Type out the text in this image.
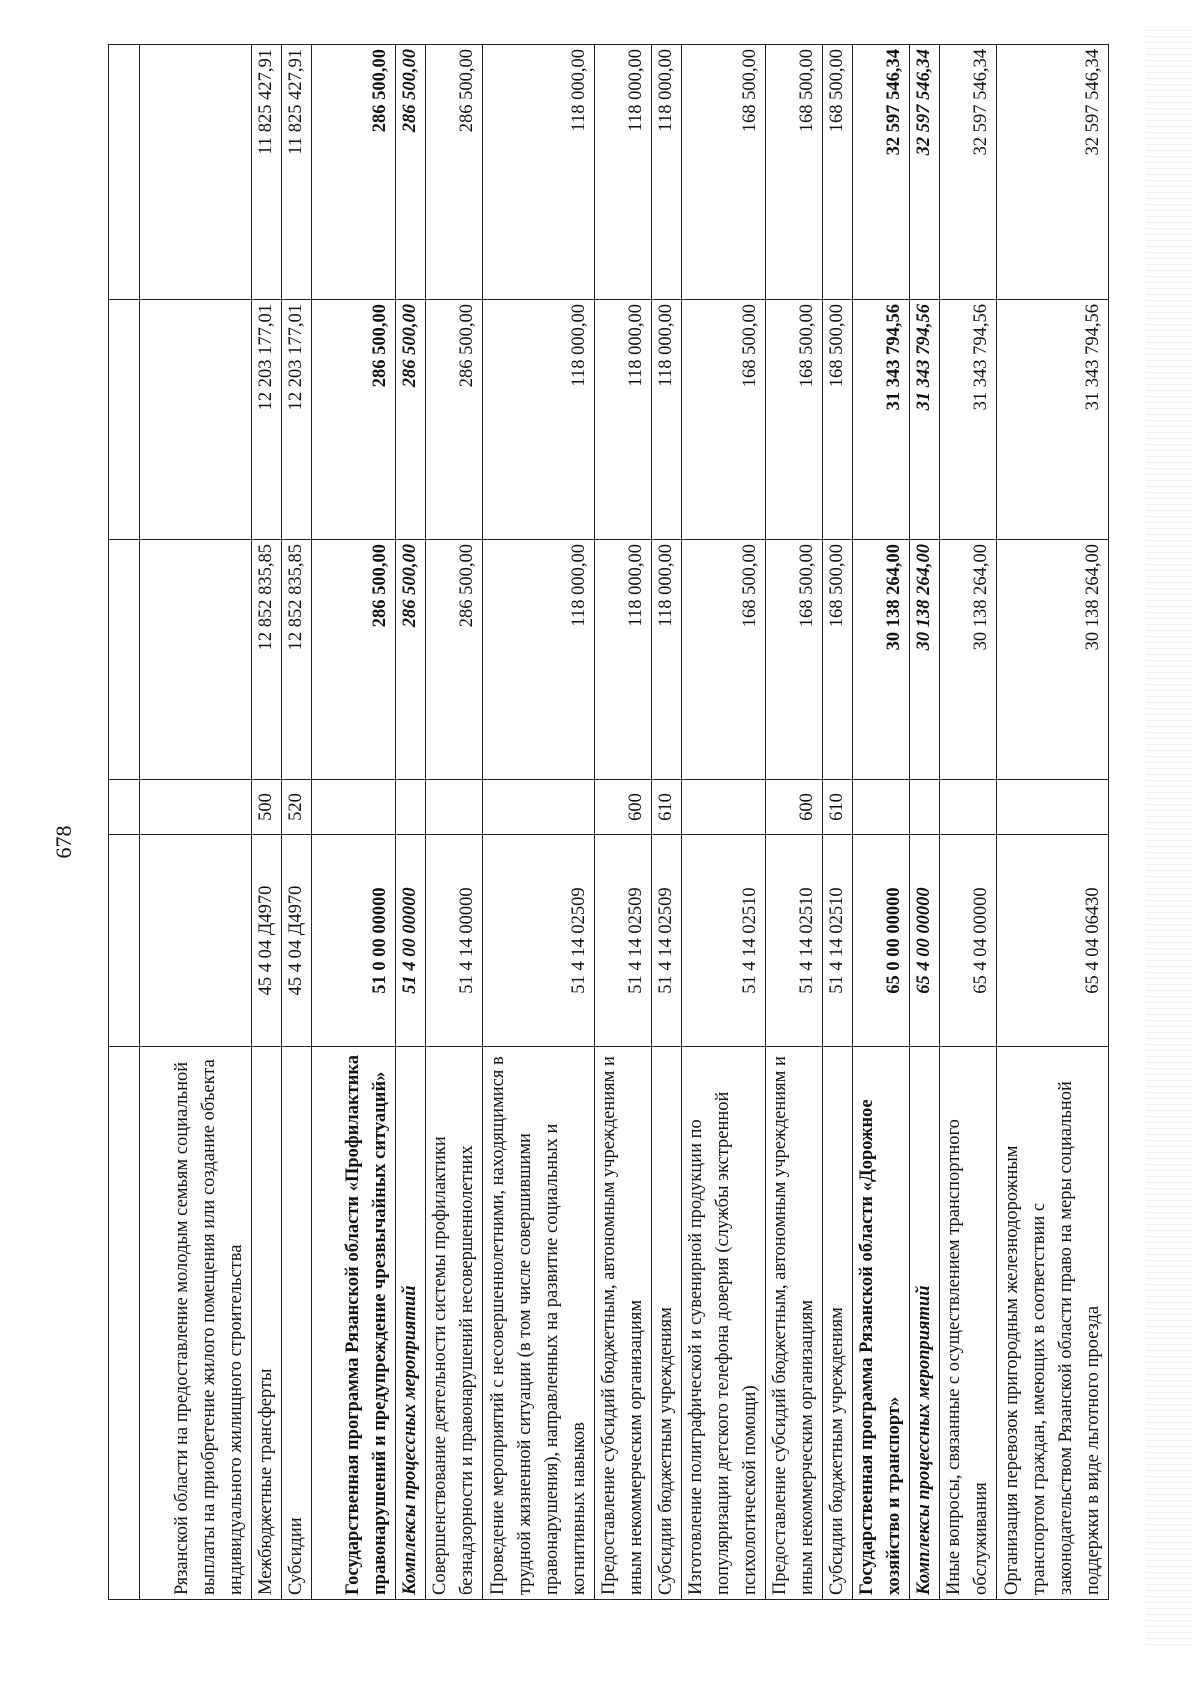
678

Рязанской области на предоставление молодым семьям социальной выплаты на приобретение жилого помещения или создание объекта индивидуального жилищного строительства					
Межбюджетные трансферты	45 4 04 Д4970	500	12 852 835,85	12 203 177,01	11 825 427,91
Субсидии	45 4 04 Д4970	520	12 852 835,85	12 203 177,01	11 825 427,91
Государственная программа Рязанской области «Профилактика правонарушений и предупреждение чрезвычайных ситуаций»	51 0 00 00000		286 500,00	286 500,00	286 500,00
Комплексы процессных мероприятий	51 4 00 00000		286 500,00	286 500,00	286 500,00
Совершенствование деятельности системы профилактики безнадзорности и правонарушений несовершеннолетних	51 4 14 00000		286 500,00	286 500,00	286 500,00
Проведение мероприятий с несовершеннолетними, находящимися в трудной жизненной ситуации (в том числе совершившими правонарушения), направленных на развитие социальных и когнитивных навыков	51 4 14 02509		118 000,00	118 000,00	118 000,00
Предоставление субсидий бюджетным, автономным учреждениям и иным некоммерческим организациям	51 4 14 02509	600	118 000,00	118 000,00	118 000,00
Субсидии бюджетным учреждениям	51 4 14 02509	610	118 000,00	118 000,00	118 000,00
Изготовление полиграфической и сувенирной продукции по популяризации детского телефона доверия (службы экстренной психологической помощи)	51 4 14 02510		168 500,00	168 500,00	168 500,00
Предоставление субсидий бюджетным, автономным учреждениям и иным некоммерческим организациям	51 4 14 02510	600	168 500,00	168 500,00	168 500,00
Субсидии бюджетным учреждениям	51 4 14 02510	610	168 500,00	168 500,00	168 500,00
Государственная программа Рязанской области «Дорожное хозяйство и транспорт»	65 0 00 00000		30 138 264,00	31 343 794,56	32 597 546,34
Комплексы процессных мероприятий	65 4 00 00000		30 138 264,00	31 343 794,56	32 597 546,34
Иные вопросы, связанные с осуществлением транспортного обслуживания	65 4 04 00000		30 138 264,00	31 343 794,56	32 597 546,34
Организация перевозок пригородным железнодорожным транспортом граждан, имеющих в соответствии с законодательством Рязанской области право на меры социальной поддержки в виде льготного проезда	65 4 04 06430		30 138 264,00	31 343 794,56	32 597 546,34
